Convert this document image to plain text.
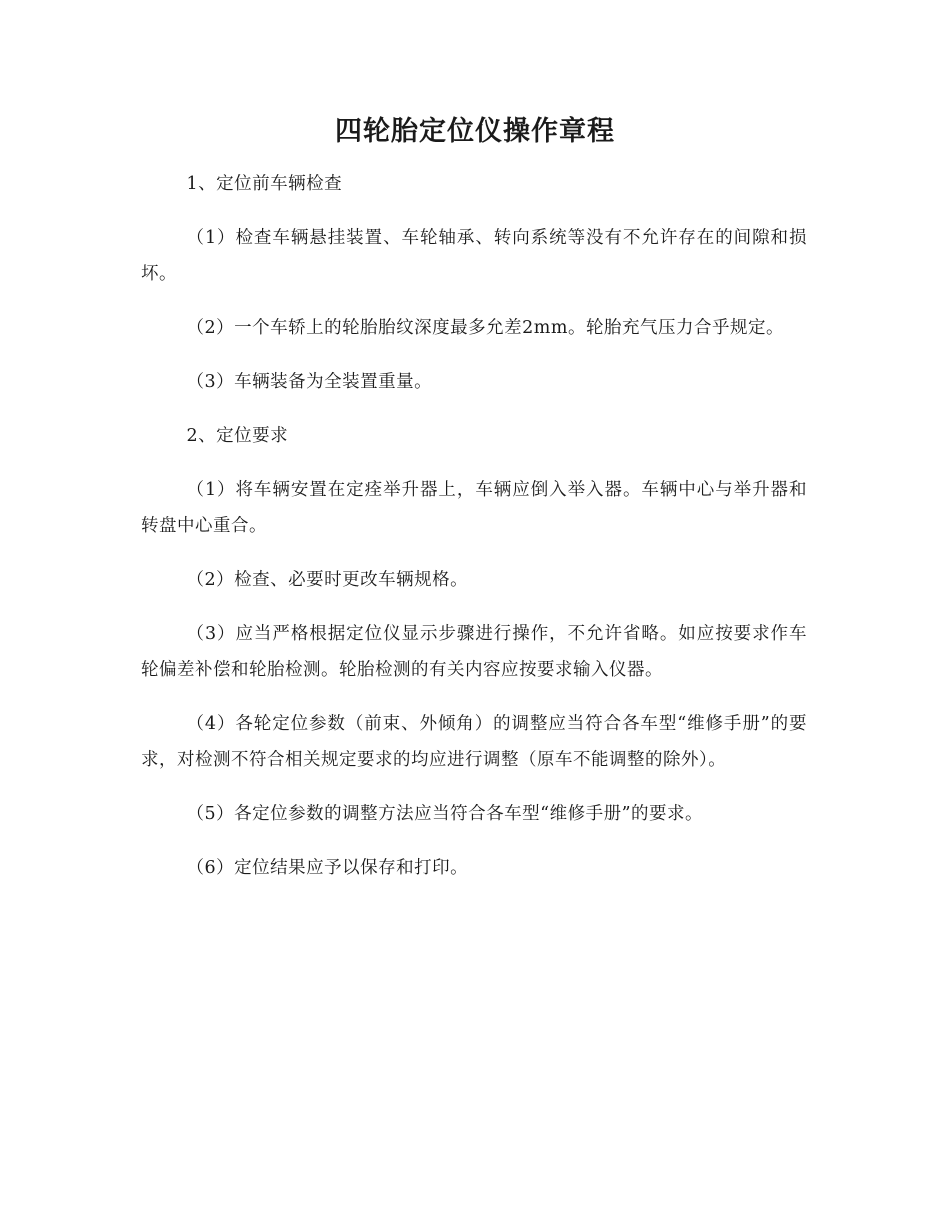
四轮胎定位仪操作章程

1、定位前车辆检查

（1）检查车辆悬挂装置、车轮轴承、转向系统等没有不允许存在的间隙和损坏。

（2）一个车轿上的轮胎胎纹深度最多允差2mm。轮胎充气压力合乎规定。

（3）车辆装备为全装置重量。

2、定位要求

（1）将车辆安置在定痊举升器上，车辆应倒入举入器。车辆中心与举升器和转盘中心重合。

（2）检查、必要时更改车辆规格。

（3）应当严格根据定位仪显示步骤进行操作，不允许省略。如应按要求作车轮偏差补偿和轮胎检测。轮胎检测的有关内容应按要求输入仪器。

（4）各轮定位参数（前束、外倾角）的调整应当符合各车型“维修手册”的要求，对检测不符合相关规定要求的均应进行调整（原车不能调整的除外）。

（5）各定位参数的调整方法应当符合各车型“维修手册”的要求。

（6）定位结果应予以保存和打印。
